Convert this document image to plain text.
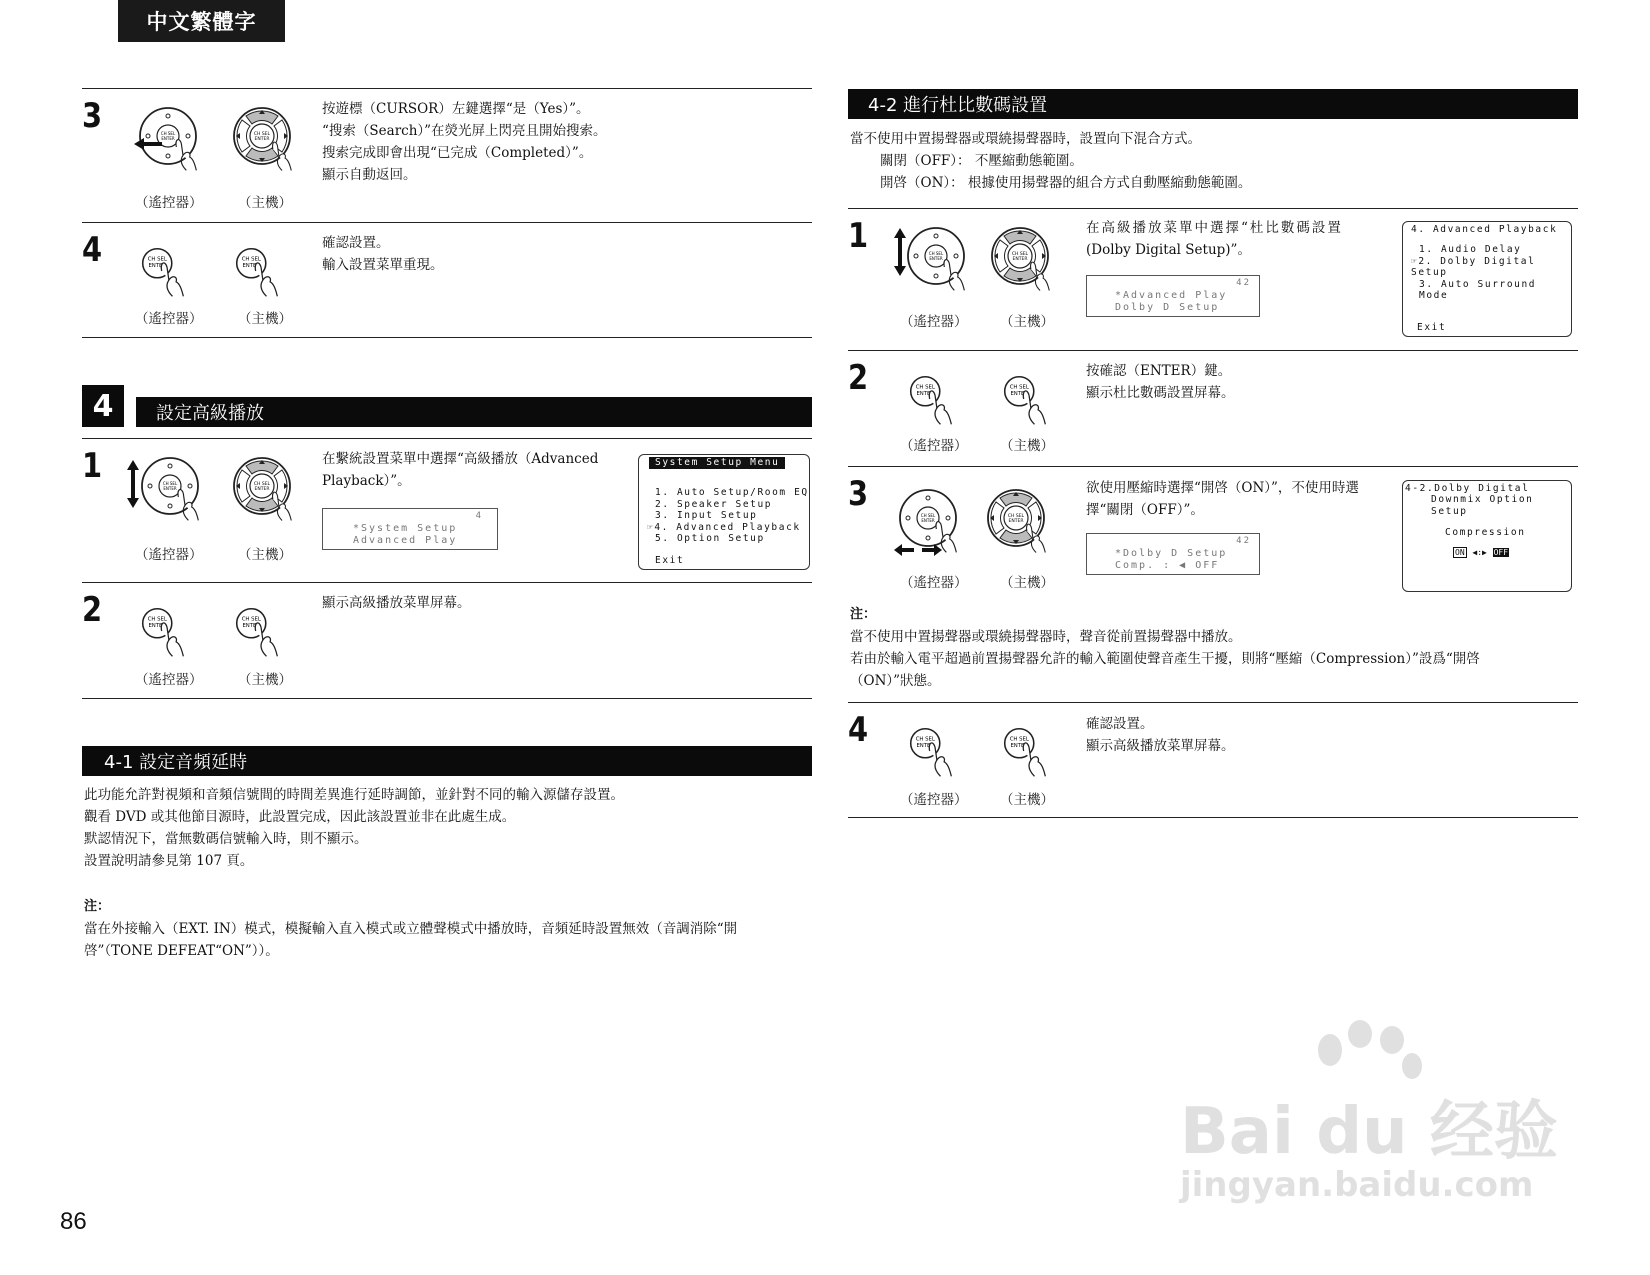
中文繁體字
3
（遙控器）	（主機）
按遊標（CURSOR）左鍵選擇“是（Yes）”。
“搜索（Search）”在熒光屏上閃亮且開始搜索。
搜索完成即會出現“已完成（Completed）”。
顯示自動返回。
4
（遙控器）	（主機）
確認設置。
輸入設置菜單重現。
4	設定高級播放
1
（遙控器）	（主機）
在繫統設置菜單中選擇“高級播放（Advanced
Playback）”。
4
*System Setup
Advanced Play
System Setup Menu
1. Auto Setup/Room EQ
2. Speaker Setup
3. Input Setup
☞4. Advanced Playback
5. Option Setup
Exit
2
（遙控器）	（主機）
顯示高級播放菜單屏幕。
4-1 設定音頻延時
此功能允許對視頻和音頻信號間的時間差異進行延時調節，並針對不同的輸入源儲存設置。
觀看 DVD 或其他節目源時，此設置完成，因此該設置並非在此處生成。
默認情況下，當無數碼信號輸入時，則不顯示。
設置說明請參見第 107 頁。
注：
當在外接輸入（EXT. IN）模式，模擬輸入直入模式或立體聲模式中播放時，音頻延時設置無效（音調消除“開
啓”（TONE DEFEAT“ON”））。
86
4-2 進行杜比數碼設置
當不使用中置揚聲器或環繞揚聲器時，設置向下混合方式。
關閉（OFF）： 不壓縮動態範圍。
開啓（ON）： 根據使用揚聲器的組合方式自動壓縮動態範圍。
1
（遙控器） （主機）
在高級播放菜單中選擇“杜比數碼設置
(Dolby Digital Setup)”。
42
*Advanced Play
Dolby D Setup
4. Advanced Playback
1. Audio Delay
☞2. Dolby Digital Setup
3. Auto Surround Mode
Exit
2
（遙控器） （主機）
按確認（ENTER）鍵。
顯示杜比數碼設置屏幕。
3
（遙控器） （主機）
欲使用壓縮時選擇“開啓（ON）”，不使用時選
擇“關閉（OFF）”。
42
*Dolby D Setup
Comp. : ◀ OFF
4-2.Dolby Digital
Downmix Option Setup
Compression
ON ◀:▶ OFF
注：
當不使用中置揚聲器或環繞揚聲器時，聲音從前置揚聲器中播放。
若由於輸入電平超過前置揚聲器允許的輸入範圍使聲音產生干擾，則將“壓縮（Compression）”設爲“開啓
（ON）”狀態。
4
（遙控器） （主機）
確認設置。
顯示高級播放菜單屏幕。
Bai du 经验
jingyan.baidu.com
